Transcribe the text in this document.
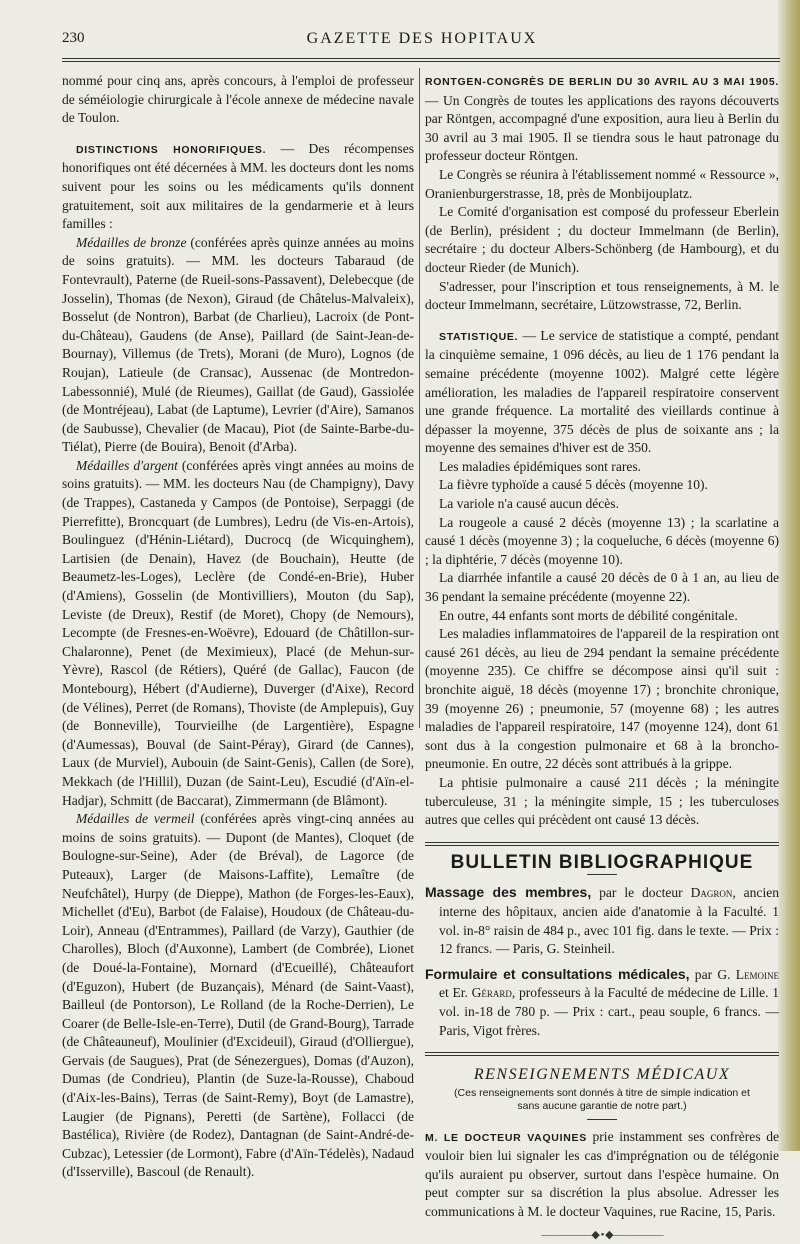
GAZETTE DES HOPITAUX
230

nommé pour cinq ans, après concours, à l'emploi de professeur de séméiologie chirurgicale à l'école annexe de médecine navale de Toulon.

DISTINCTIONS HONORIFIQUES. — Des récompenses honorifiques ont été décernées à MM. les docteurs dont les noms suivent pour les soins ou les médicaments qu'ils donnent gratuitement, soit aux militaires de la gendarmerie et à leurs familles :

Médailles de bronze (conférées après quinze années au moins de soins gratuits). — MM. les docteurs Tabaraud (de Fontevrault), Paterne (de Rueil-sons-Passavent), Delebecque (de Josselin), Thomas (de Nexon), Giraud (de Châtelus-Malvaleix), Bosselut (de Nontron), Barbat (de Charlieu), Lacroix (de Pont-du-Château), Gaudens (de Anse), Paillard (de Saint-Jean-de-Bournay), Villemus (de Trets), Morani (de Muro), Lognos (de Roujan), Latieule (de Cransac), Aussenac (de Montredon-Labessonnié), Mulé (de Rieumes), Gaillat (de Gaud), Gassiolée (de Montréjeau), Labat (de Laptume), Levrier (d'Aire), Samanos (de Saubusse), Chevalier (de Macau), Piot (de Sainte-Barbe-du-Tiélat), Pierre (de Bouira), Benoit (d'Arba).

Médailles d'argent (conférées après vingt années au moins de soins gratuits). — MM. les docteurs Nau (de Champigny), Davy (de Trappes), Castaneda y Campos (de Pontoise), Serpaggi (de Pierrefitte), Broncquart (de Lumbres), Ledru (de Vis-en-Artois), Boulinguez (d'Hénin-Liétard), Ducrocq (de Wicquinghem), Lartisien (de Denain), Havez (de Bouchain), Heutte (de Beaumetz-les-Loges), Leclère (de Condé-en-Brie), Huber (d'Amiens), Gosselin (de Montivilliers), Mouton (du Sap), Leviste (de Dreux), Restif (de Moret), Chopy (de Nemours), Lecompte (de Fresnes-en-Woëvre), Edouard (de Châtillon-sur-Chalaronne), Penet (de Meximieux), Placé (de Mehun-sur-Yèvre), Rascol (de Rétiers), Quéré (de Gallac), Faucon (de Montebourg), Hébert (d'Audierne), Duverger (d'Aixe), Record (de Vélines), Perret (de Romans), Thoviste (de Amplepuis), Guy (de Bonneville), Tourvieilhe (de Largentière), Espagne (d'Aumessas), Bouval (de Saint-Péray), Girard (de Cannes), Laux (de Murviel), Aubouin (de Saint-Genis), Callen (de Sore), Mekkach (de l'Hillil), Duzan (de Saint-Leu), Escudié (d'Aïn-el-Hadjar), Schmitt (de Baccarat), Zimmermann (de Blâmont).

Médailles de vermeil (conférées après vingt-cinq années au moins de soins gratuits). — Dupont (de Mantes), Cloquet (de Boulogne-sur-Seine), Ader (de Bréval), de Lagorce (de Puteaux), Larger (de Maisons-Laffite), Lemaître (de Neufchâtel), Hurpy (de Dieppe), Mathon (de Forges-les-Eaux), Michellet (d'Eu), Barbot (de Falaise), Houdoux (de Château-du-Loir), Anneau (d'Entrammes), Paillard (de Varzy), Gauthier (de Charolles), Bloch (d'Auxonne), Lambert (de Combrée), Lionet (de Doué-la-Fontaine), Mornard (d'Ecueillé), Châteaufort (d'Eguzon), Hubert (de Buzançais), Ménard (de Saint-Vaast), Bailleul (de Pontorson), Le Rolland (de la Roche-Derrien), Le Coarer (de Belle-Isle-en-Terre), Dutil (de Grand-Bourg), Tarrade (de Châteauneuf), Moulinier (d'Excideuil), Giraud (d'Olliergue), Gervais (de Saugues), Prat (de Sénezergues), Domas (d'Auzon), Dumas (de Condrieu), Plantin (de Suze-la-Rousse), Chaboud (d'Aix-les-Bains), Terras (de Saint-Remy), Boyt (de Lamastre), Laugier (de Pignans), Peretti (de Sartène), Follacci (de Bastélica), Rivière (de Rodez), Dantagnan (de Saint-André-de-Cubzac), Letessier (de Lormont), Fabre (d'Aïn-Tédelès), Nadaud (d'Isserville), Bascoul (de Renault).

RONTGEN-CONGRÈS DE BERLIN DU 30 AVRIL AU 3 MAI 1905. — Un Congrès de toutes les applications des rayons découverts par Röntgen, accompagné d'une exposition, aura lieu à Berlin du 30 avril au 3 mai 1905. Il se tiendra sous le haut patronage du professeur docteur Röntgen.

Le Congrès se réunira à l'établissement nommé « Ressource », Oranienburgerstrasse, 18, près de Monbijouplatz.

Le Comité d'organisation est composé du professeur Eberlein (de Berlin), président ; du docteur Immelmann (de Berlin), secrétaire ; du docteur Albers-Schönberg (de Hambourg), et du docteur Rieder (de Munich).

S'adresser, pour l'inscription et tous renseignements, à M. le docteur Immelmann, secrétaire, Lützowstrasse, 72, Berlin.

STATISTIQUE. — Le service de statistique a compté, pendant la cinquième semaine, 1 096 décès, au lieu de 1 176 pendant la semaine précédente (moyenne 1002). Malgré cette légère amélioration, les maladies de l'appareil respiratoire conservent une grande fréquence. La mortalité des vieillards continue à dépasser la moyenne, 375 décès de plus de soixante ans ; la moyenne des semaines d'hiver est de 350.

Les maladies épidémiques sont rares.

La fièvre typhoïde a causé 5 décès (moyenne 10).

La variole n'a causé aucun décès.

La rougeole a causé 2 décès (moyenne 13) ; la scarlatine a causé 1 décès (moyenne 3) ; la coqueluche, 6 décès (moyenne 6) ; la diphtérie, 7 décès (moyenne 10).

La diarrhée infantile a causé 20 décès de 0 à 1 an, au lieu de 36 pendant la semaine précédente (moyenne 22).

En outre, 44 enfants sont morts de débilité congénitale.

Les maladies inflammatoires de l'appareil de la respiration ont causé 261 décès, au lieu de 294 pendant la semaine précédente (moyenne 235). Ce chiffre se décompose ainsi qu'il suit : bronchite aiguë, 18 décès (moyenne 17) ; bronchite chronique, 39 (moyenne 26) ; pneumonie, 57 (moyenne 68) ; les autres maladies de l'appareil respiratoire, 147 (moyenne 124), dont 61 sont dus à la congestion pulmonaire et 68 à la broncho-pneumonie. En outre, 22 décès sont attribués à la grippe.

La phtisie pulmonaire a causé 211 décès ; la méningite tuberculeuse, 31 ; la méningite simple, 15 ; les tuberculoses autres que celles qui précèdent ont causé 13 décès.

BULLETIN BIBLIOGRAPHIQUE

Massage des membres, par le docteur Dagron, ancien interne des hôpitaux, ancien aide d'anatomie à la Faculté. 1 vol. in-8° raisin de 484 p., avec 101 fig. dans le texte. — Prix : 12 francs. — Paris, G. Steinheil.

Formulaire et consultations médicales, par G. Lemoine et Er. Gérard, professeurs à la Faculté de médecine de Lille. 1 vol. in-18 de 780 p. — Prix : cart., peau souple, 6 francs. — Paris, Vigot frères.

RENSEIGNEMENTS MÉDICAUX
(Ces renseignements sont donnés à titre de simple indication et sans aucune garantie de notre part.)

M. LE DOCTEUR VAQUINES prie instamment ses confrères de vouloir bien lui signaler les cas d'imprégnation ou de télégonie qu'ils auraient pu observer, surtout dans l'espèce humaine. On peut compter sur sa discrétion la plus absolue. Adresser les communications à M. le docteur Vaquines, rue Racine, 15, Paris.

—————◆ • ◆—————
